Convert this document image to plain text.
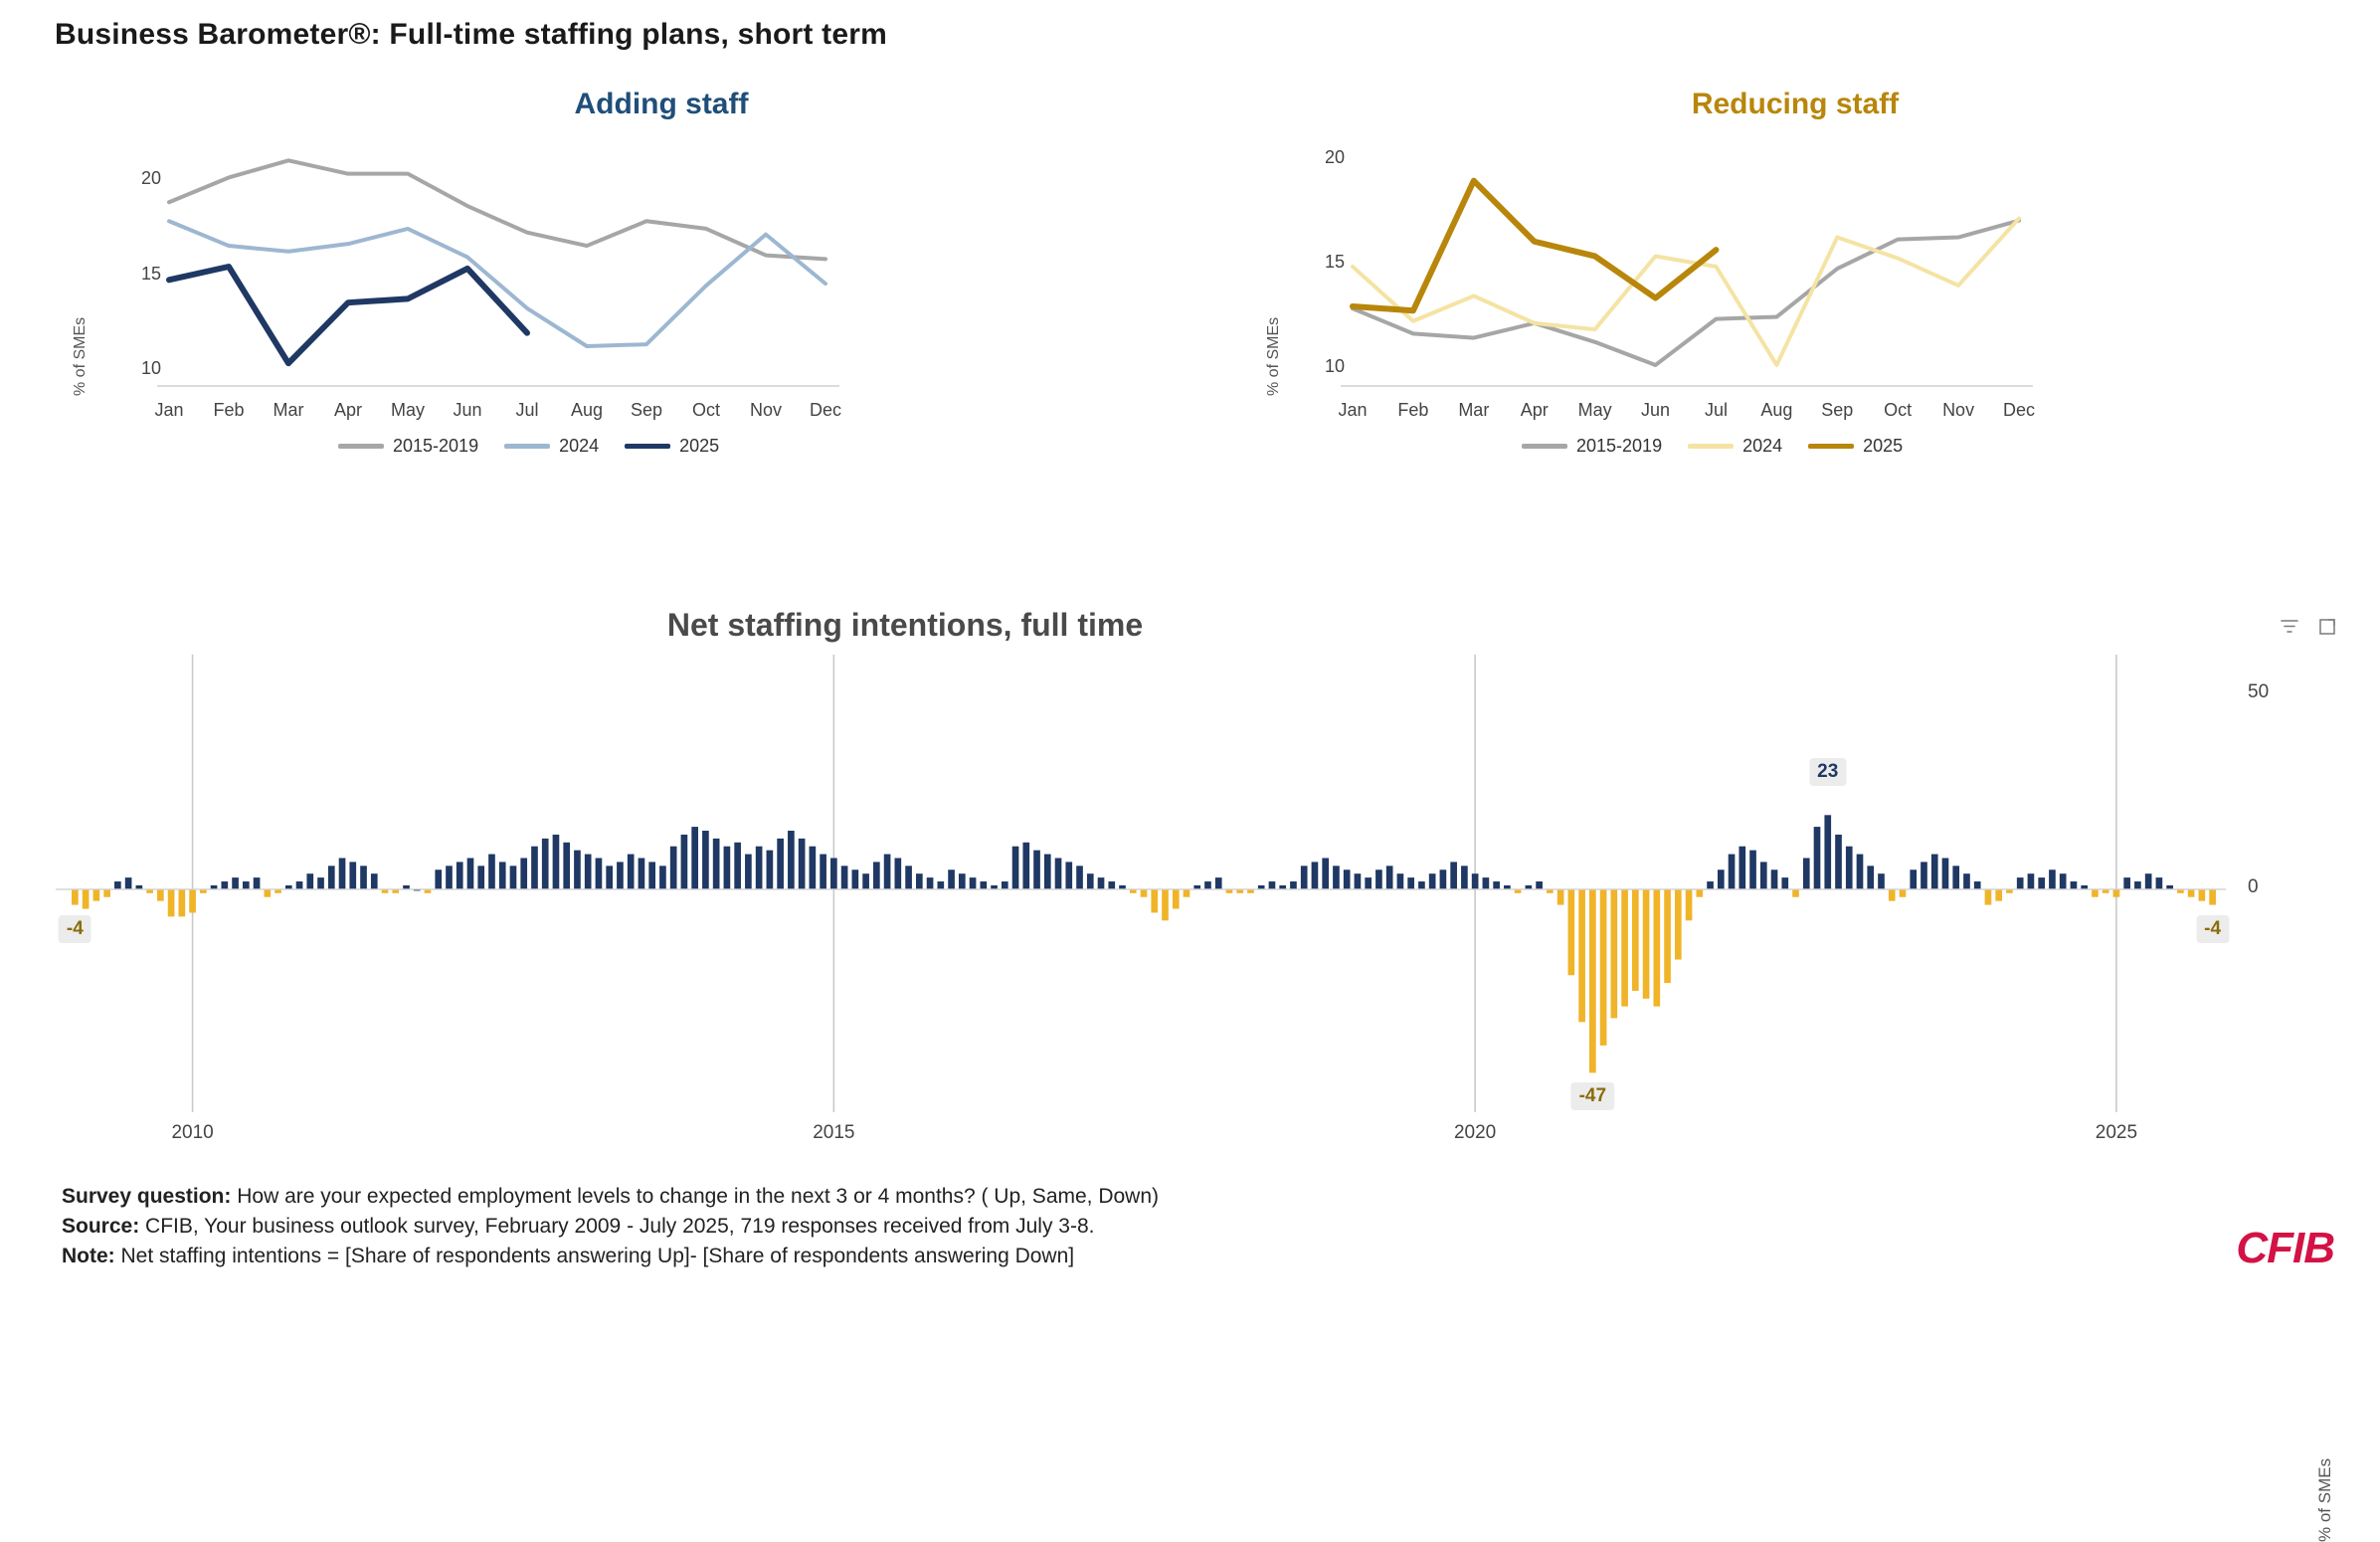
Business Barometer®: Full-time staffing plans, short term
Adding staff
% of SMEs
2015-2019	2024	2025
10
15
20
Jan	Feb	Mar	Apr	May	Jun	Jul	Aug	Sep	Oct	Nov	Dec
Reducing staff
% of SMEs
2015-2019	2024	2025
10
15
20
Jan	Feb	Mar	Apr	May	Jun	Jul	Aug	Sep	Oct	Nov	Dec
Net staffing intentions, full time
% of SMEs
-4
23
-47
-4
2010	2015	2020	2025
0
50
Survey question: How are your expected employment levels to change in the next 3 or 4 months? ( Up, Same, Down)
Source: CFIB, Your business outlook survey, February 2009 - July 2025, 719 responses received from July 3-8.
Note: Net staffing intentions = [Share of respondents answering Up]- [Share of respondents answering Down]	CFIB
